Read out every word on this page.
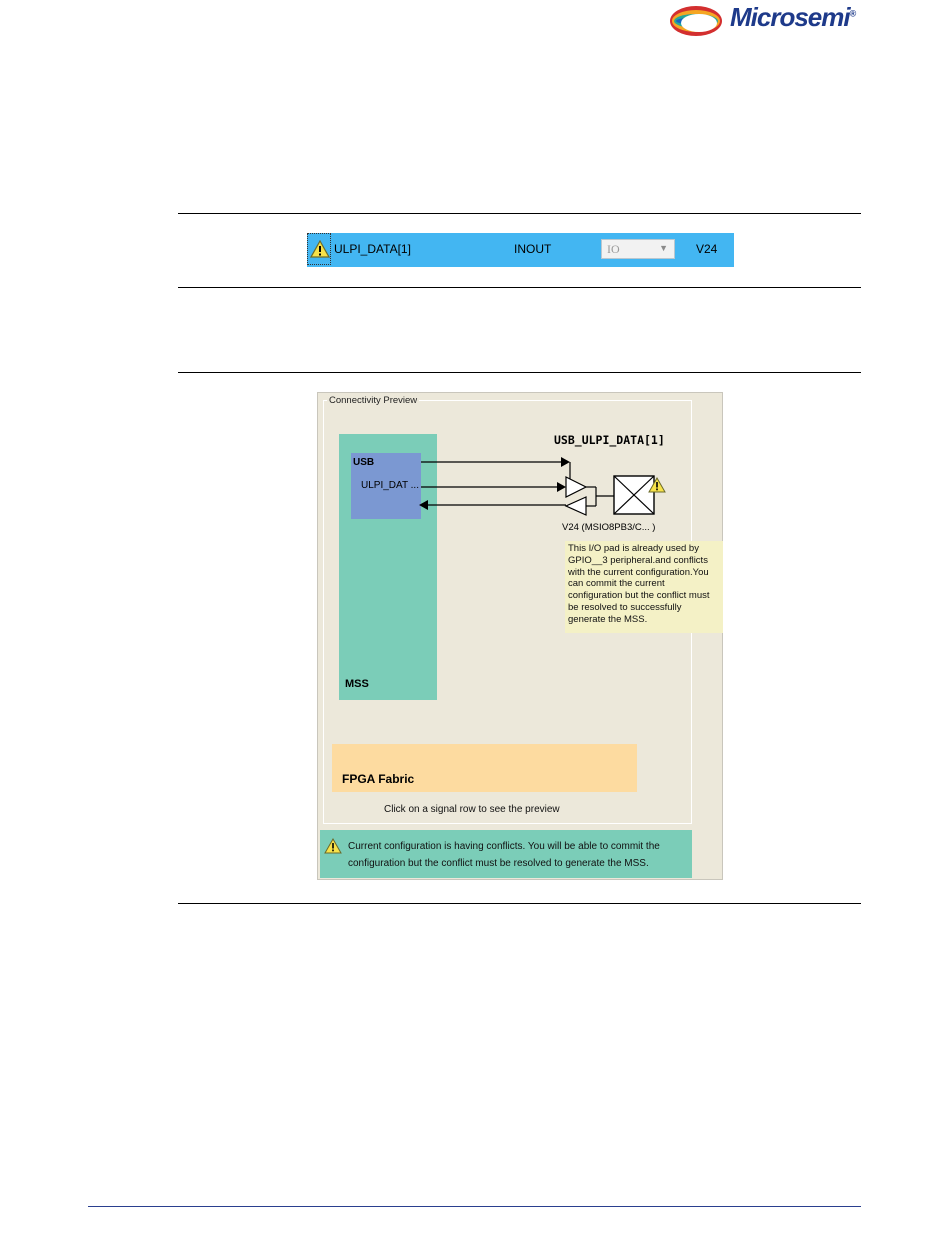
Microsemi®
ULPI_DATA[1]	INOUT	IO	▼ V24
Connectivity Preview
MSS
USB
ULPI_DAT ...
USB_ULPI_DATA[1]
V24 (MSIO8PB3/C... )
This I/O pad is already used by GPIO__3 peripheral.and conflicts with the current configuration.You can commit the current configuration but the conflict must be resolved to successfully generate the MSS.
FPGA Fabric
Click on a signal row to see the preview
Current configuration is having conflicts. You will be able to commit the configuration but the conflict must be resolved to generate the MSS.
